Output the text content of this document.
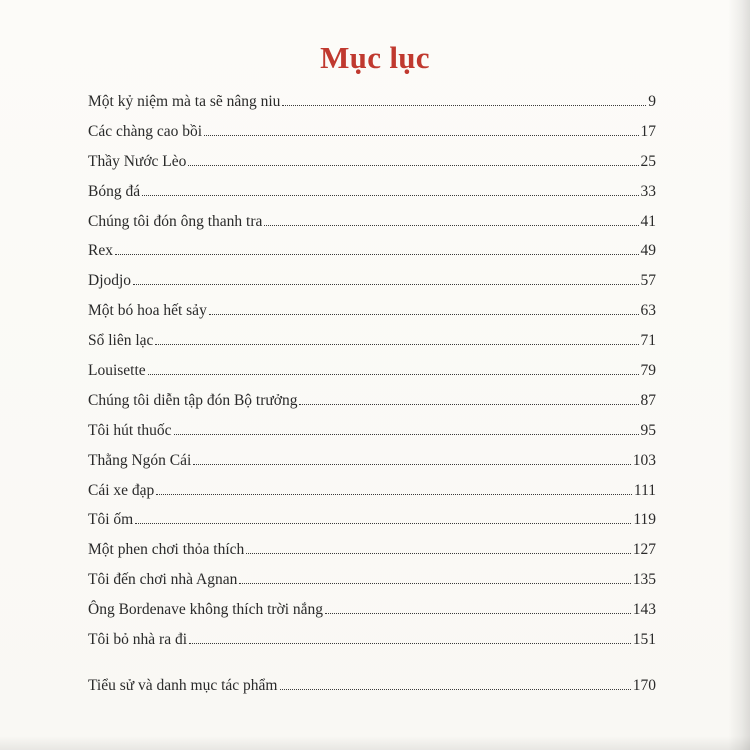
Mục lục
Một kỷ niệm mà ta sẽ nâng niu	9
Các chàng cao bồi	17
Thầy Nước Lèo	25
Bóng đá	33
Chúng tôi đón ông thanh tra	41
Rex	49
Djodjo	57
Một bó hoa hết sảy	63
Sổ liên lạc	71
Louisette	79
Chúng tôi diễn tập đón Bộ trưởng	87
Tôi hút thuốc	95
Thằng Ngón Cái	103
Cái xe đạp	111
Tôi ốm	119
Một phen chơi thỏa thích	127
Tôi đến chơi nhà Agnan	135
Ông Bordenave không thích trời nắng	143
Tôi bỏ nhà ra đi	151
Tiểu sử và danh mục tác phẩm	170
